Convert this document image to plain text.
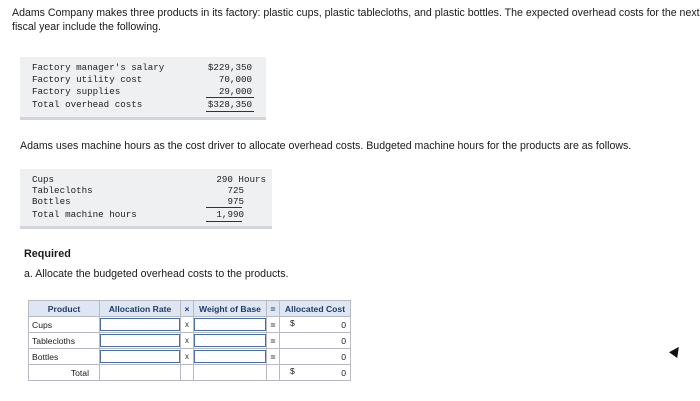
Adams Company makes three products in its factory: plastic cups, plastic tablecloths, and plastic bottles. The expected overhead costs for the next fiscal year include the following.
Factory manager's salary	$229,350
Factory utility cost	70,000
Factory supplies	29,000
Total overhead costs	$328,350
Adams uses machine hours as the cost driver to allocate overhead costs. Budgeted machine hours for the products are as follows.
Cups	290 Hours
Tablecloths	725
Bottles	975
Total machine hours	1,990
Required
a. Allocate the budgeted overhead costs to the products.
Product	Allocation Rate	×	Weight of Base	=	Allocated Cost
Cups		x		=	$ 0
Tablecloths		x		=	0
Bottles		x		=	0
Total					$ 0
